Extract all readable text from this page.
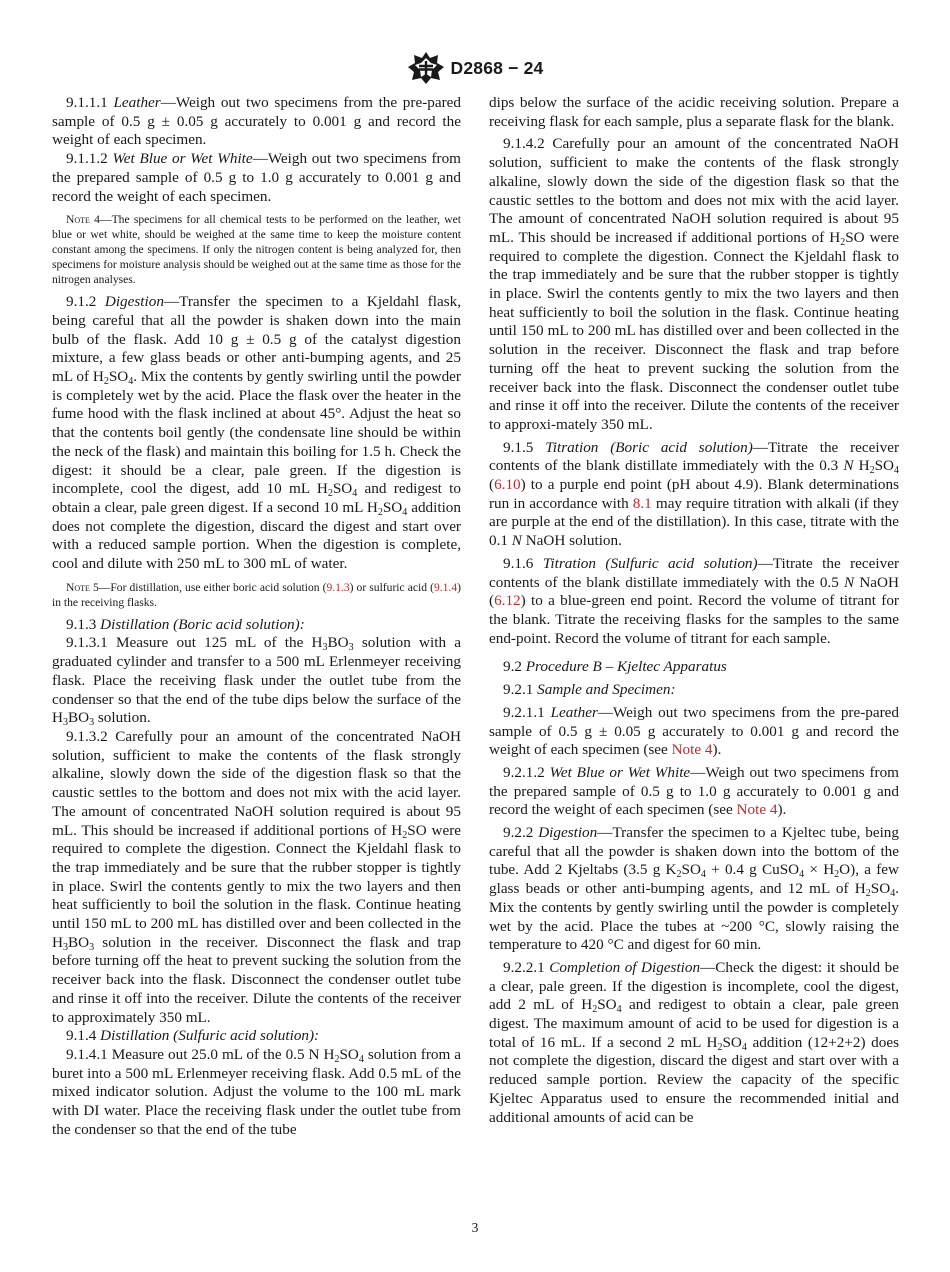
D2868 − 24

9.1.1.1 Leather—Weigh out two specimens from the pre-pared sample of 0.5 g ± 0.05 g accurately to 0.001 g and record the weight of each specimen.

9.1.1.2 Wet Blue or Wet White—Weigh out two specimens from the prepared sample of 0.5 g to 1.0 g accurately to 0.001 g and record the weight of each specimen.

Note 4—The specimens for all chemical tests to be performed on the leather, wet blue or wet white, should be weighed at the same time to keep the moisture content constant among the specimens. If only the nitrogen content is being analyzed for, then specimens for moisture analysis should be weighed out at the same time as those for the nitrogen analyses.

9.1.2 Digestion—Transfer the specimen to a Kjeldahl flask, being careful that all the powder is shaken down into the main bulb of the flask. Add 10 g ± 0.5 g of the catalyst digestion mixture, a few glass beads or other anti-bumping agents, and 25 mL of $H_2SO_4$. Mix the contents by gently swirling until the powder is completely wet by the acid. Place the flask over the heater in the fume hood with the flask inclined at about 45°. Adjust the heat so that the contents boil gently (the condensate line should be within the neck of the flask) and maintain this boiling for 1.5 h. Check the digest: it should be a clear, pale green. If the digestion is incomplete, cool the digest, add 10 mL $H_2SO_4$ and redigest to obtain a clear, pale green digest. If a second 10 mL $H_2SO_4$ addition does not complete the digestion, discard the digest and start over with a reduced sample portion. When the digestion is complete, cool and dilute with 250 mL to 300 mL of water.

Note 5—For distillation, use either boric acid solution (9.1.3) or sulfuric acid (9.1.4) in the receiving flasks.

9.1.3 Distillation (Boric acid solution):

9.1.3.1 Measure out 125 mL of the $H_3BO_3$ solution with a graduated cylinder and transfer to a 500 mL Erlenmeyer receiving flask. Place the receiving flask under the outlet tube from the condenser so that the end of the tube dips below the surface of the $H_3BO_3$ solution.

9.1.3.2 Carefully pour an amount of the concentrated NaOH solution, sufficient to make the contents of the flask strongly alkaline, slowly down the side of the digestion flask so that the caustic settles to the bottom and does not mix with the acid layer. The amount of concentrated NaOH solution required is about 95 mL. This should be increased if additional portions of $H_2SO$ were required to complete the digestion. Connect the Kjeldahl flask to the trap immediately and be sure that the rubber stopper is tightly in place. Swirl the contents gently to mix the two layers and then heat sufficiently to boil the solution in the flask. Continue heating until 150 mL to 200 mL has distilled over and been collected in the $H_3BO_3$ solution in the receiver. Disconnect the flask and trap before turning off the heat to prevent sucking the solution from the receiver back into the flask. Disconnect the condenser outlet tube and rinse it off into the receiver. Dilute the contents of the receiver to approximately 350 mL.

9.1.4 Distillation (Sulfuric acid solution):

9.1.4.1 Measure out 25.0 mL of the 0.5 N $H_2SO_4$ solution from a buret into a 500 mL Erlenmeyer receiving flask. Add 0.5 mL of the mixed indicator solution. Adjust the volume to the 100 mL mark with DI water. Place the receiving flask under the outlet tube from the condenser so that the end of the tube

dips below the surface of the acidic receiving solution. Prepare a receiving flask for each sample, plus a separate flask for the blank.

9.1.4.2 Carefully pour an amount of the concentrated NaOH solution, sufficient to make the contents of the flask strongly alkaline, slowly down the side of the digestion flask so that the caustic settles to the bottom and does not mix with the acid layer. The amount of concentrated NaOH solution required is about 95 mL. This should be increased if additional portions of $H_2SO$ were required to complete the digestion. Connect the Kjeldahl flask to the trap immediately and be sure that the rubber stopper is tightly in place. Swirl the contents gently to mix the two layers and then heat sufficiently to boil the solution in the flask. Continue heating until 150 mL to 200 mL has distilled over and been collected in the solution in the receiver. Disconnect the flask and trap before turning off the heat to prevent sucking the solution from the receiver back into the flask. Disconnect the condenser outlet tube and rinse it off into the receiver. Dilute the contents of the receiver to approxi-mately 350 mL.

9.1.5 Titration (Boric acid solution)—Titrate the receiver contents of the blank distillate immediately with the 0.3 N $H_2SO_4$ (6.10) to a purple end point (pH about 4.9). Blank determinations run in accordance with 8.1 may require titration with alkali (if they are purple at the end of the distillation). In this case, titrate with the 0.1 N NaOH solution.

9.1.6 Titration (Sulfuric acid solution)—Titrate the receiver contents of the blank distillate immediately with the 0.5 N NaOH (6.12) to a blue-green end point. Record the volume of titrant for the blank. Titrate the receiving flasks for the samples to the same end-point. Record the volume of titrant for each sample.

9.2 Procedure B – Kjeltec Apparatus

9.2.1 Sample and Specimen:

9.2.1.1 Leather—Weigh out two specimens from the pre-pared sample of 0.5 g ± 0.05 g accurately to 0.001 g and record the weight of each specimen (see Note 4).

9.2.1.2 Wet Blue or Wet White—Weigh out two specimens from the prepared sample of 0.5 g to 1.0 g accurately to 0.001 g and record the weight of each specimen (see Note 4).

9.2.2 Digestion—Transfer the specimen to a Kjeltec tube, being careful that all the powder is shaken down into the bottom of the tube. Add 2 Kjeltabs (3.5 g $K_2SO_4 + 0.4$ g CuSO$_4$ × $H_2O$), a few glass beads or other anti-bumping agents, and 12 mL of $H_2SO_4$. Mix the contents by gently swirling until the powder is completely wet by the acid. Place the tubes at ~200 °C, slowly raising the temperature to 420 °C and digest for 60 min.

9.2.2.1 Completion of Digestion—Check the digest: it should be a clear, pale green. If the digestion is incomplete, cool the digest, add 2 mL of $H_2SO_4$ and redigest to obtain a clear, pale green digest. The maximum amount of acid to be used for digestion is a total of 16 mL. If a second 2 mL $H_2SO_4$ addition (12+2+2) does not complete the digestion, discard the digest and start over with a reduced sample portion. Review the capacity of the specific Kjeltec Apparatus used to ensure the recommended initial and additional amounts of acid can be

3
